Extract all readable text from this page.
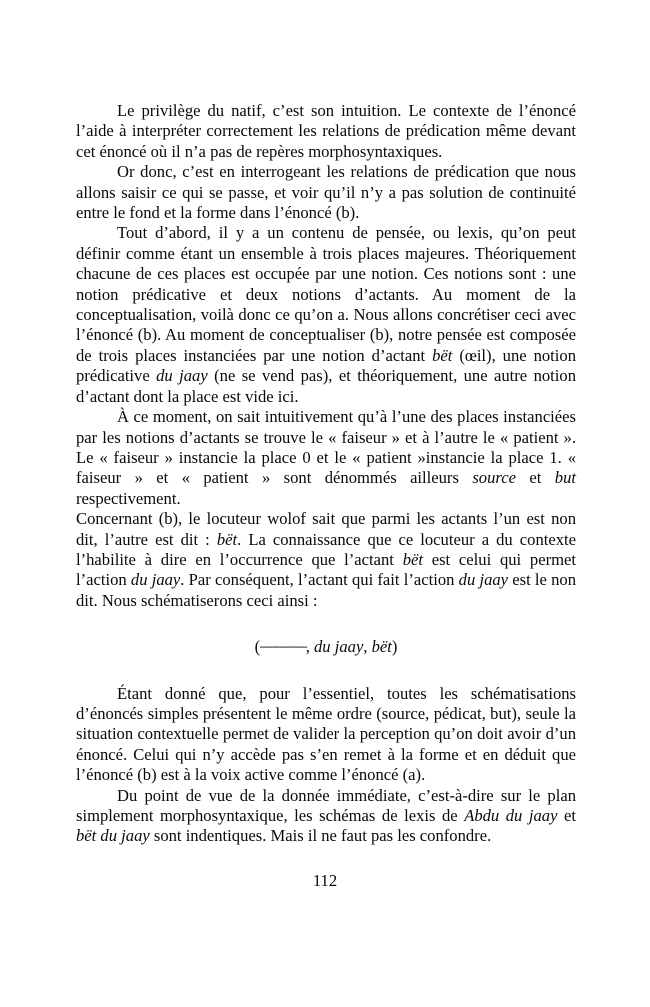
Le privilège du natif, c’est son intuition. Le contexte de l’énoncé l’aide à interpréter correctement les relations de prédication même devant cet énoncé où il n’a pas de repères morphosyntaxiques.

Or donc, c’est en interrogeant les relations de prédication que nous allons saisir ce qui se passe, et voir qu’il n’y a pas solution de continuité entre le fond et la forme dans l’énoncé (b).

Tout d’abord, il y a un contenu de pensée, ou lexis, qu’on peut définir comme étant un ensemble à trois places majeures. Théoriquement chacune de ces places est occupée par une notion. Ces notions sont : une notion prédicative et deux notions d’actants. Au moment de la conceptualisation, voilà donc ce qu’on a. Nous allons concrétiser ceci avec l’énoncé (b). Au moment de conceptualiser (b), notre pensée est composée de trois places instanciées par une notion d’actant bët (œil), une notion prédicative du jaay (ne se vend pas), et théoriquement, une autre notion d’actant dont la place est vide ici.

À ce moment, on sait intuitivement qu’à l’une des places instanciées par les notions d’actants se trouve le « faiseur » et à l’autre le « patient ». Le « faiseur » instancie la place 0 et le « patient »instancie la place 1. « faiseur » et « patient » sont dénommés ailleurs source et but respectivement.

Concernant (b), le locuteur wolof sait que parmi les actants l’un est non dit, l’autre est dit : bët. La connaissance que ce locuteur a du contexte l’habilite à dire en l’occurrence que l’actant bët est celui qui permet l’action du jaay. Par conséquent, l’actant qui fait l’action du jaay est le non dit. Nous schématiserons ceci ainsi :

(———, du jaay, bët)

Étant donné que, pour l’essentiel, toutes les schématisations d’énoncés simples présentent le même ordre (source, pédicat, but), seule la situation contextuelle permet de valider la perception qu’on doit avoir d’un énoncé. Celui qui n’y accède pas s’en remet à la forme et en déduit que l’énoncé (b) est à la voix active comme l’énoncé (a).

Du point de vue de la donnée immédiate, c’est-à-dire sur le plan simplement morphosyntaxique, les schémas de lexis de Abdu du jaay et bët du jaay sont indentiques. Mais il ne faut pas les confondre.

112
